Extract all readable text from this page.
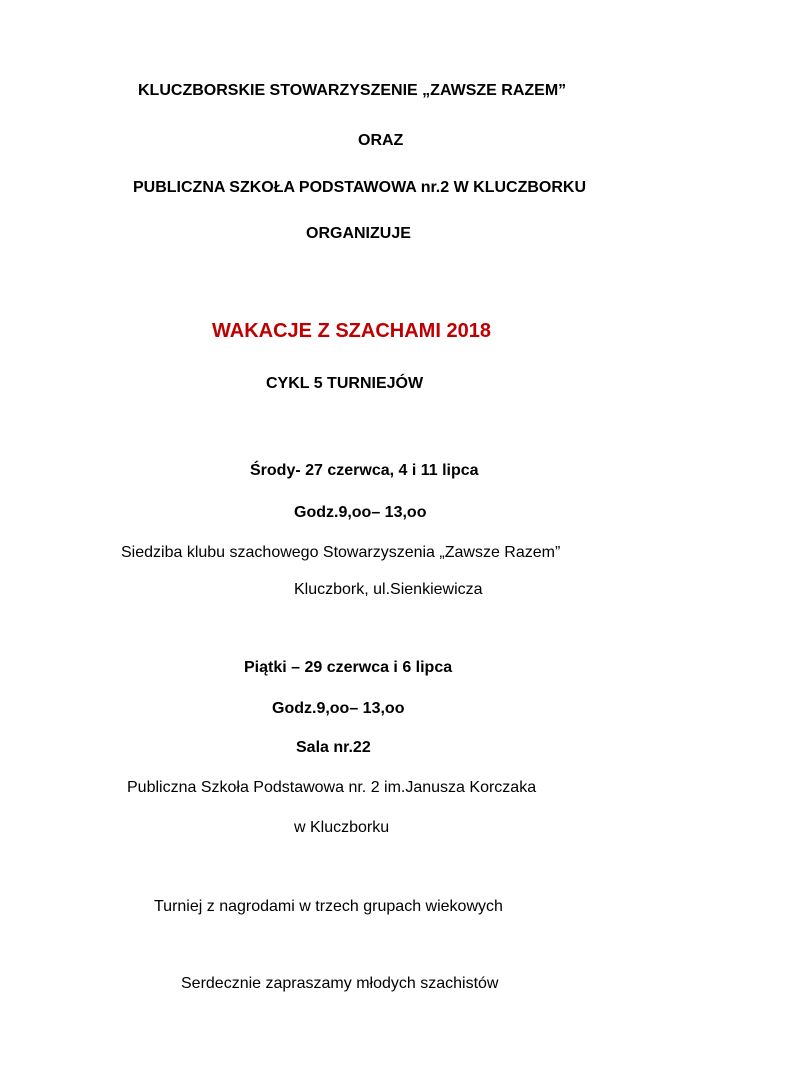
KLUCZBORSKIE STOWARZYSZENIE „ZAWSZE RAZEM”
ORAZ
PUBLICZNA SZKOŁA PODSTAWOWA nr.2 W KLUCZBORKU
ORGANIZUJE
WAKACJE Z SZACHAMI 2018
CYKL 5 TURNIEJÓW
Środy- 27 czerwca, 4 i 11 lipca
Godz.9,oo– 13,oo
Siedziba klubu szachowego Stowarzyszenia „Zawsze Razem”
Kluczbork, ul.Sienkiewicza
Piątki – 29 czerwca i 6 lipca
Godz.9,oo– 13,oo
Sala nr.22
Publiczna Szkoła Podstawowa nr. 2 im.Janusza Korczaka
w Kluczborku
Turniej z nagrodami w trzech grupach wiekowych
Serdecznie zapraszamy młodych szachistów
